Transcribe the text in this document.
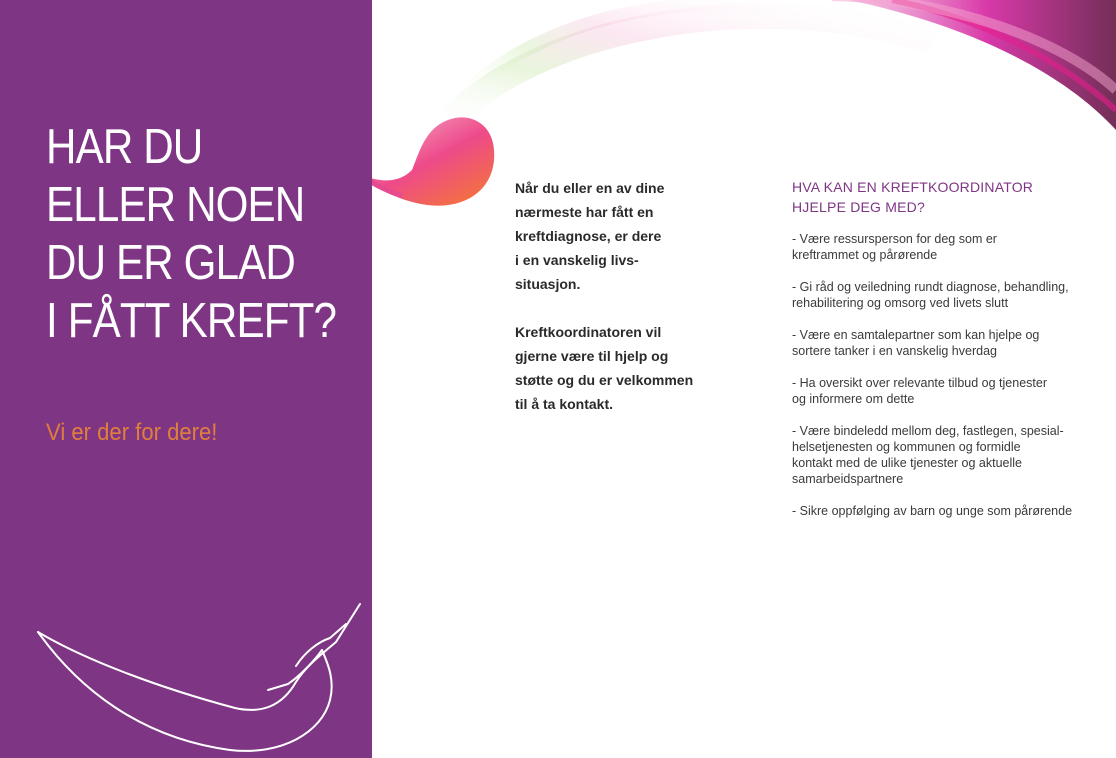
HAR DU
ELLER NOEN
DU ER GLAD
I FÅTT KREFT?

Vi er der for dere!

Når du eller en av dine
nærmeste har fått en
kreftdiagnose, er dere
i en vanskelig livs-
situasjon.

Kreftkoordinatoren vil
gjerne være til hjelp og
støtte og du er velkommen
til å ta kontakt.

HVA KAN EN KREFTKOORDINATOR
HJELPE DEG MED?
- Være ressursperson for deg som er
kreftrammet og pårørende
- Gi råd og veiledning rundt diagnose, behandling,
rehabilitering og omsorg ved livets slutt
- Være en samtalepartner som kan hjelpe og
sortere tanker i en vanskelig hverdag
- Ha oversikt over relevante tilbud og tjenester
og informere om dette
- Være bindeledd mellom deg, fastlegen, spesial-
helsetjenesten og kommunen og formidle
kontakt med de ulike tjenester og aktuelle
samarbeidspartnere
- Sikre oppfølging av barn og unge som pårørende
